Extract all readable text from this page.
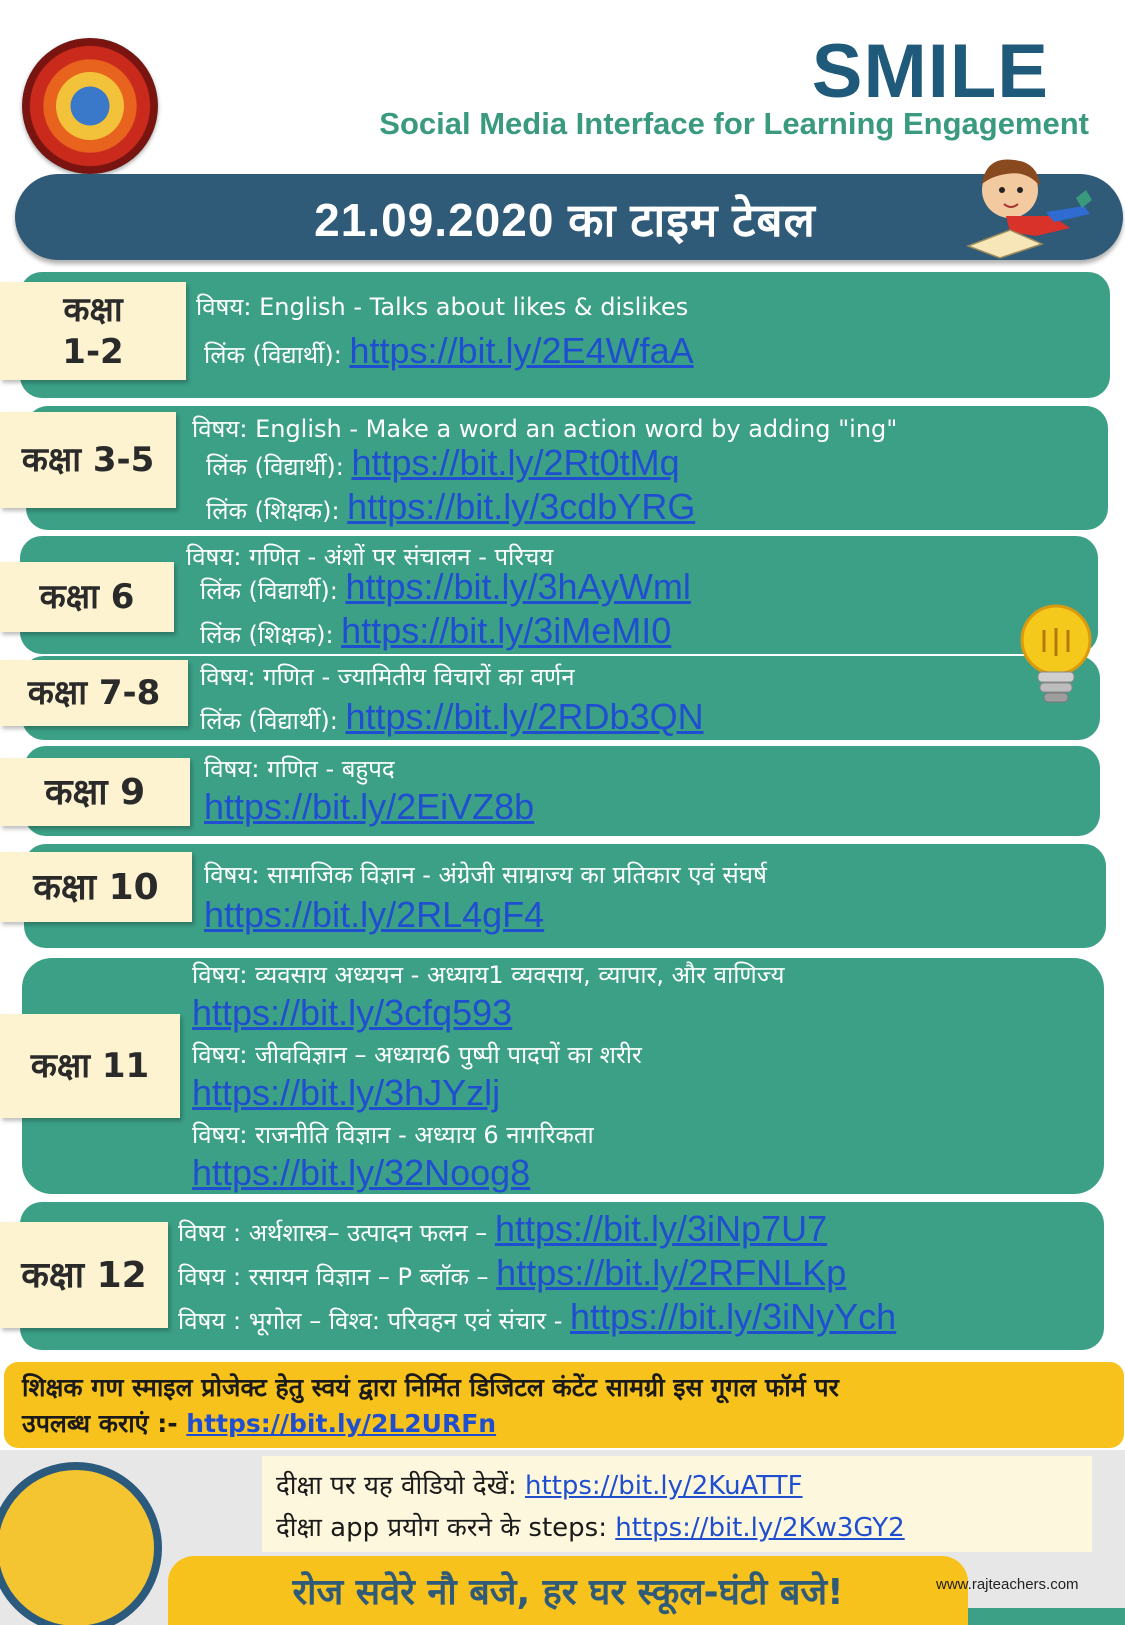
SMILE
Social Media Interface for Learning Engagement
21.09.2020 का टाइम टेबल
कक्षा
1-2
विषय: English - Talks about likes & dislikes
लिंक (विद्यार्थी): https://bit.ly/2E4WfaA
कक्षा 3-5
विषय: English - Make a word an action word by adding "ing"
लिंक (विद्यार्थी): https://bit.ly/2Rt0tMq
लिंक (शिक्षक): https://bit.ly/3cdbYRG
कक्षा 6
विषय: गणित - अंशों पर संचालन - परिचय
लिंक (विद्यार्थी): https://bit.ly/3hAyWml
लिंक (शिक्षक): https://bit.ly/3iMeMI0
कक्षा 7-8 विषय: गणित - ज्यामितीय विचारों का वर्णन
लिंक (विद्यार्थी): https://bit.ly/2RDb3QN
कक्षा 9
विषय: गणित - बहुपद
https://bit.ly/2EiVZ8b
कक्षा 10 विषय: सामाजिक विज्ञान - अंग्रेजी साम्राज्य का प्रतिकार एवं संघर्ष
https://bit.ly/2RL4gF4
कक्षा 11
विषय: व्यवसाय अध्ययन - अध्याय1 व्यवसाय, व्यापार, और वाणिज्य
https://bit.ly/3cfq593
विषय: जीवविज्ञान – अध्याय6 पुष्पी पादपों का शरीर
https://bit.ly/3hJYzlj
विषय: राजनीति विज्ञान - अध्याय 6 नागरिकता
https://bit.ly/32Noog8
कक्षा 12
विषय : अर्थशास्त्र– उत्पादन फलन – https://bit.ly/3iNp7U7
विषय : रसायन विज्ञान – P ब्लॉक – https://bit.ly/2RFNLKp
विषय : भूगोल – विश्व: परिवहन एवं संचार - https://bit.ly/3iNyYch
शिक्षक गण स्माइल प्रोजेक्ट हेतु स्वयं द्वारा निर्मित डिजिटल कंटेंट सामग्री इस गूगल फॉर्म पर
उपलब्ध कराएं :- https://bit.ly/2L2URFn
दीक्षा पर यह वीडियो देखें: https://bit.ly/2KuATTF
दीक्षा app प्रयोग करने के steps: https://bit.ly/2Kw3GY2
रोज सवेरे नौ बजे, हर घर स्कूल-घंटी बजे!	www.rajteachers.com
